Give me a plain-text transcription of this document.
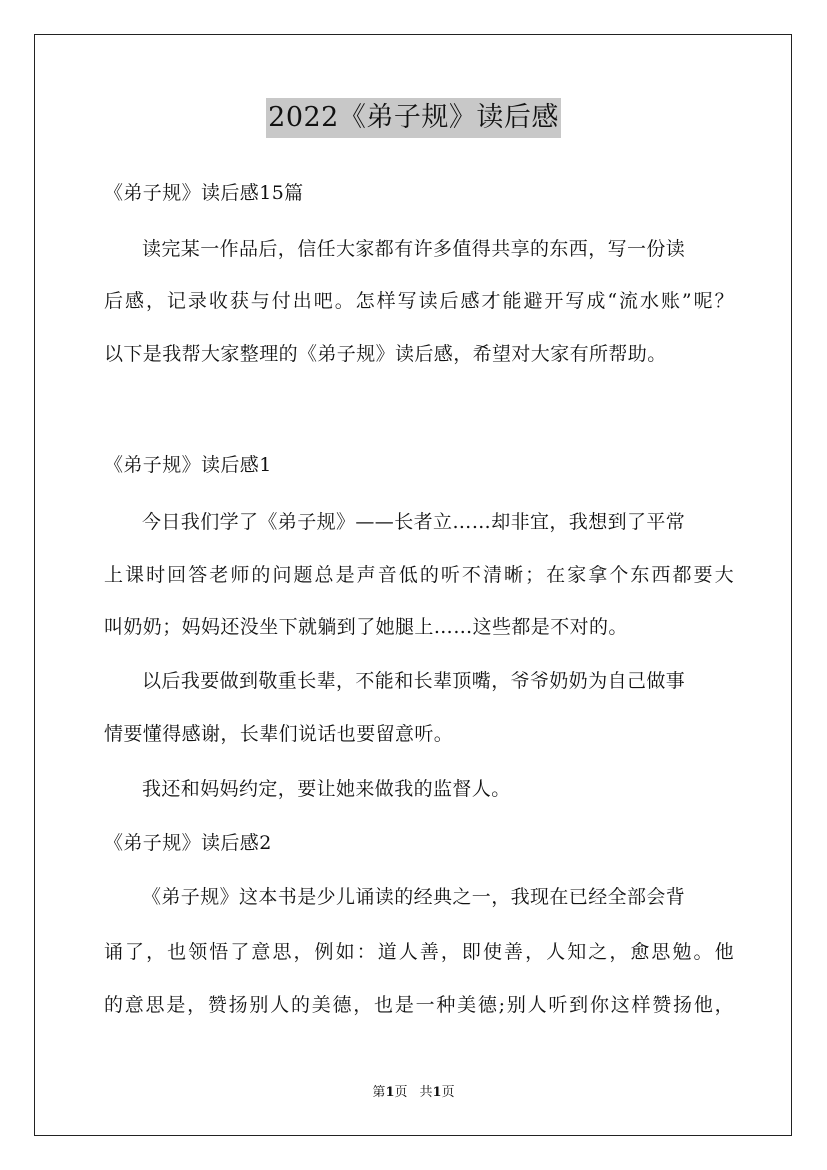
2022《弟子规》读后感
《弟子规》读后感15篇
读完某一作品后，信任大家都有许多值得共享的东西，写一份读
后感，记录收获与付出吧。怎样写读后感才能避开写成“流水账”呢？
以下是我帮大家整理的《弟子规》读后感，希望对大家有所帮助。
《弟子规》读后感1
今日我们学了《弟子规》——长者立……却非宜，我想到了平常
上课时回答老师的问题总是声音低的听不清晰；在家拿个东西都要大
叫奶奶；妈妈还没坐下就躺到了她腿上……这些都是不对的。
以后我要做到敬重长辈，不能和长辈顶嘴，爷爷奶奶为自己做事
情要懂得感谢，长辈们说话也要留意听。
我还和妈妈约定，要让她来做我的监督人。
《弟子规》读后感2
《弟子规》这本书是少儿诵读的经典之一，我现在已经全部会背
诵了，也领悟了意思，例如：道人善，即使善，人知之，愈思勉。他
的意思是，赞扬别人的美德，也是一种美德;别人听到你这样赞扬他，
第1页 共1页
